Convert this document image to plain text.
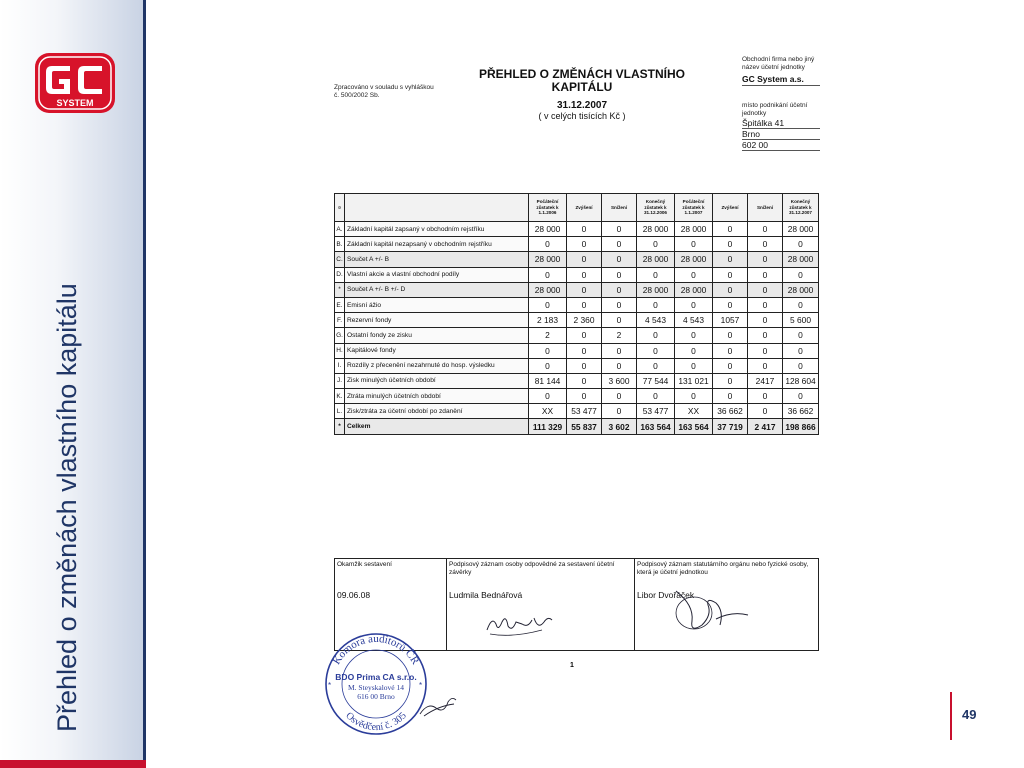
SYSTEM
Přehled o změnách vlastního kapitálu	49
Zpracováno v souladu s vyhláškou č. 500/2002 Sb.
PŘEHLED O ZMĚNÁCH VLASTNÍHO
KAPITÁLU
31.12.2007
( v celých tisících Kč )
Obchodní firma nebo jiný název účetní jednotky
GC System a.s.
místo podnikání účetní jednotky
Špitálka 41
Brno
602 00
¤		Počáteční zůstatek k 1.1.2006	Zvýšení	Snížení	Konečný zůstatek k 31.12.2006	Počáteční zůstatek k 1.1.2007	Zvýšení	Snížení	Konečný zůstatek k 31.12.2007
A.	Základní kapitál zapsaný v obchodním rejstříku	28 000	0	0	28 000	28 000	0	0	28 000
B.	Základní kapitál nezapsaný v obchodním rejstříku	0	0	0	0	0	0	0	0
C.	Součet A +/- B	28 000	0	0	28 000	28 000	0	0	28 000
D.	Vlastní akcie a vlastní obchodní podíly	0	0	0	0	0	0	0	0
*	Součet A +/- B +/- D	28 000	0	0	28 000	28 000	0	0	28 000
E.	Emisní ážio	0	0	0	0	0	0	0	0
F.	Rezervní fondy	2 183	2 360	0	4 543	4 543	1057	0	5 600
G.	Ostatní fondy ze zisku	2	0	2	0	0	0	0	0
H.	Kapitálové fondy	0	0	0	0	0	0	0	0
I.	Rozdíly z přecenění nezahrnuté do hosp. výsledku	0	0	0	0	0	0	0	0
J.	Zisk minulých účetních období	81 144	0	3 600	77 544	131 021	0	2417	128 604
K.	Ztráta minulých účetních období	0	0	0	0	0	0	0	0
L.	Zisk/ztráta za účetní období po zdanění	XX	53 477	0	53 477	XX	36 662	0	36 662
*	Celkem	111 329	55 837	3 602	163 564	163 564	37 719	2 417	198 866
Okamžik sestavení
09.06.08
	Podpisový záznam osoby odpovědné za sestavení účetní závěrky
Ludmila Bednářová
	Podpisový záznam statutárního orgánu nebo fyzické osoby, která je účetní jednotkou
Libor Dvořáček
1
Komora auditorů ČR
Osvědčení č. 305
BDO Prima CA s.r.o.
M. Steyskalové 14
616 00 Brno
*	*
